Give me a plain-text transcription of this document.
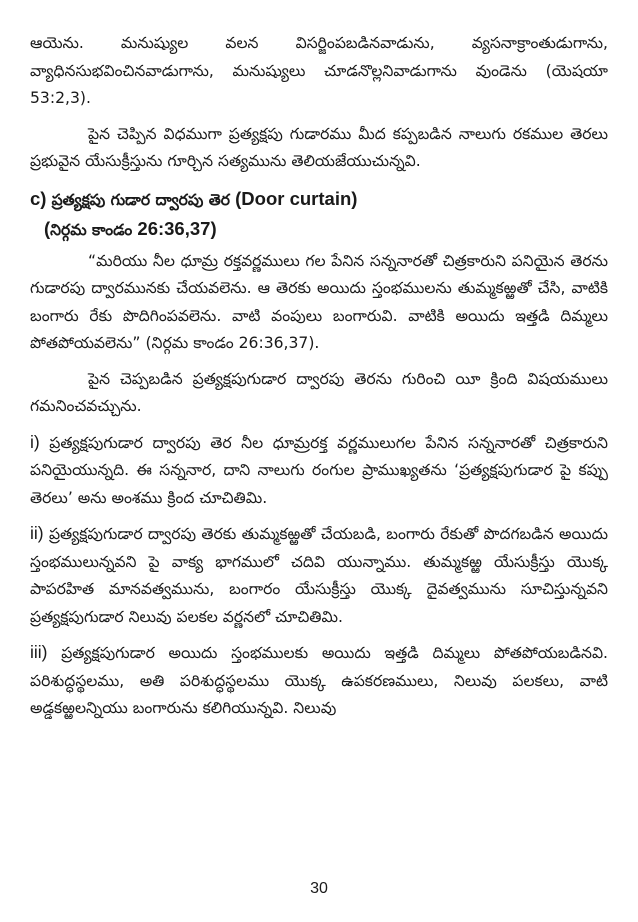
ఆయెను. మనుష్యుల వలన విసర్జింపబడినవాడును, వ్యసనాక్రాంతుడుగాను, వ్యాధినసుభవించినవాడుగాను, మనుష్యులు చూడనొల్లనివాడుగాను వుండెను (యెషయా 53:2,3).

పైన చెప్పిన విధముగా ప్రత్యక్షపు గుడారము మీద కప్పబడిన నాలుగు రకముల తెరలు ప్రభువైన యేసుక్రీస్తును గూర్చిన సత్యమును తెలియజేయుచున్నవి.

c) ప్రత్యక్షపు గుడార ద్వారపు తెర (Door curtain)
(నిర్గమ కాండం 26:36,37)

“మరియు నీల ధూమ్ర రక్తవర్ణములు గల పేనిన సన్ననారతో చిత్రకారుని పనియైన తెరను గుడారపు ద్వారమునకు చేయవలెను. ఆ తెరకు అయిదు స్తంభములను తుమ్మకఱ్ఱతో చేసి, వాటికి బంగారు రేకు పొదిగింపవలెను. వాటి వంపులు బంగారువి. వాటికి అయిదు ఇత్తడి దిమ్మలు పోతపోయవలెను” (నిర్గమ కాండం 26:36,37).

పైన చెప్పబడిన ప్రత్యక్షపుగుడార ద్వారపు తెరను గురించి యీ క్రింది విషయములు గమనించవచ్చును.

i) ప్రత్యక్షపుగుడార ద్వారపు తెర నీల ధూమ్రరక్త వర్ణములుగల పేనిన సన్ననారతో చిత్రకారుని పనియైయున్నది. ఈ సన్ననార, దాని నాలుగు రంగుల ప్రాముఖ్యతను ‘ప్రత్యక్షపుగుడార పై కప్పు తెరలు’ అను అంశము క్రింద చూచితిమి.

ii) ప్రత్యక్షపుగుడార ద్వారపు తెరకు తుమ్మకఱ్ఱతో చేయబడి, బంగారు రేకుతో పొదగబడిన అయిదు స్తంభములున్నవని పై వాక్య భాగములో చదివి యున్నాము. తుమ్మకఱ్ఱ యేసుక్రీస్తు యొక్క పాపరహిత మానవత్వమును, బంగారం యేసుక్రీస్తు యొక్క దైవత్వమును సూచిస్తున్నవని ప్రత్యక్షపుగుడార నిలువు పలకల వర్ణనలో చూచితిమి.

iii) ప్రత్యక్షపుగుడార అయిదు స్తంభములకు అయిదు ఇత్తడి దిమ్మలు పోతపోయబడినవి. పరిశుద్ధస్థలము, అతి పరిశుద్ధస్థలము యొక్క ఉపకరణములు, నిలువు పలకలు, వాటి అడ్డకఱ్ఱలన్నియు బంగారును కలిగియున్నవి. నిలువు

30
